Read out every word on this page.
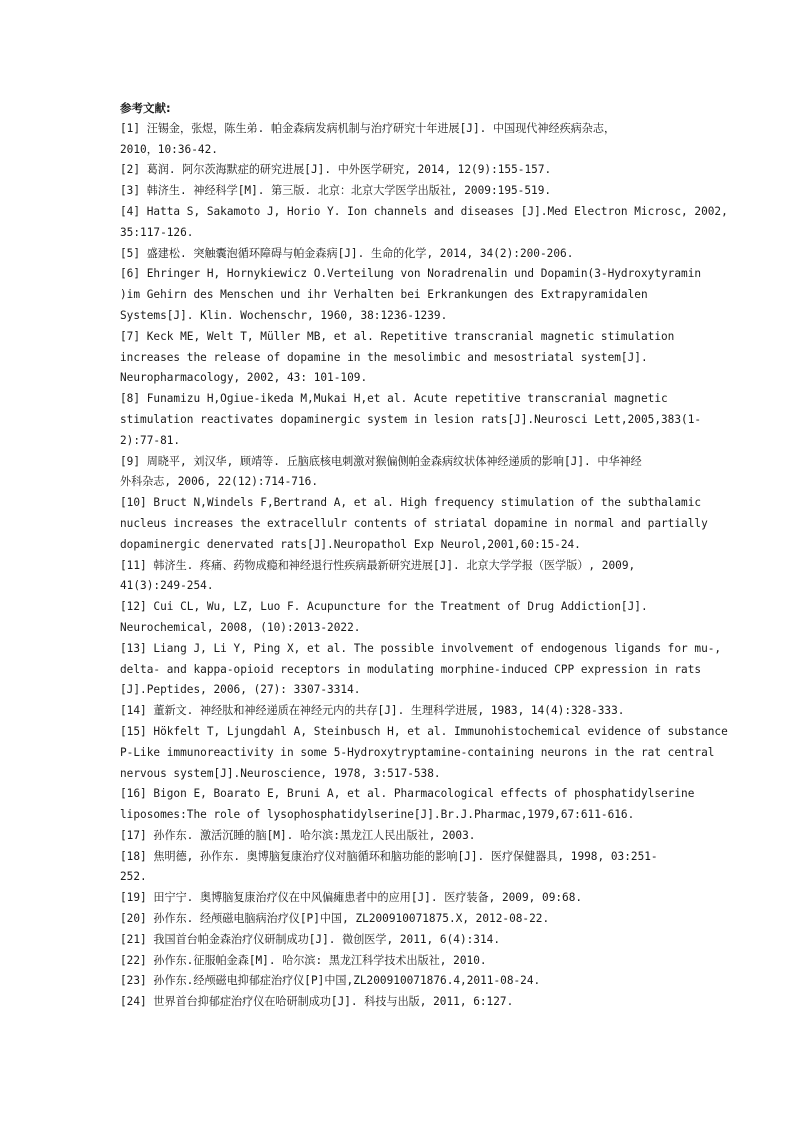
参考文献:
[1] 汪锡金，张煜，陈生弟. 帕金森病发病机制与治疗研究十年进展[J]. 中国现代神经疾病杂志，
2010，10:36-42.
[2] 葛润. 阿尔茨海默症的研究进展[J]. 中外医学研究, 2014, 12(9):155-157.
[3] 韩济生. 神经科学[M]. 第三版. 北京：北京大学医学出版社, 2009:195-519.
[4] Hatta S, Sakamoto J, Horio Y. Ion channels and diseases [J].Med Electron Microsc, 2002,
35:117-126.
[5] 盛建松. 突触囊泡循环障碍与帕金森病[J]. 生命的化学, 2014, 34(2):200-206.
[6] Ehringer H, Hornykiewicz O.Verteilung von Noradrenalin und Dopamin(3-Hydroxytyramin
)im Gehirn des Menschen und ihr Verhalten bei Erkrankungen des Extrapyramidalen
Systems[J]. Klin. Wochenschr, 1960, 38:1236-1239.
[7] Keck ME, Welt T, Müller MB, et al. Repetitive transcranial magnetic stimulation
increases the release of dopamine in the mesolimbic and mesostriatal system[J].
Neuropharmacology, 2002, 43: 101-109.
[8] Funamizu H,Ogiue-ikeda M,Mukai H,et al. Acute repetitive transcranial magnetic
stimulation reactivates dopaminergic system in lesion rats[J].Neurosci Lett,2005,383(1-
2):77-81.
[9] 周晓平, 刘汉华, 顾靖等. 丘脑底核电刺激对猴偏侧帕金森病纹状体神经递质的影响[J]. 中华神经
外科杂志, 2006, 22(12):714-716.
[10] Bruct N,Windels F,Bertrand A, et al. High frequency stimulation of the subthalamic
nucleus increases the extracellulr contents of striatal dopamine in normal and partially
dopaminergic denervated rats[J].Neuropathol Exp Neurol,2001,60:15-24.
[11] 韩济生. 疼痛、药物成瘾和神经退行性疾病最新研究进展[J]. 北京大学学报（医学版）, 2009,
41(3):249-254.
[12] Cui CL, Wu, LZ, Luo F. Acupuncture for the Treatment of Drug Addiction[J].
Neurochemical, 2008, (10):2013-2022.
[13] Liang J, Li Y, Ping X, et al. The possible involvement of endogenous ligands for mu-,
delta- and kappa-opioid receptors in modulating morphine-induced CPP expression in rats
[J].Peptides, 2006, (27): 3307-3314.
[14] 董新文. 神经肽和神经递质在神经元内的共存[J]. 生理科学进展, 1983, 14(4):328-333.
[15] Hökfelt T, Ljungdahl A, Steinbusch H, et al. Immunohistochemical evidence of substance
P-Like immunoreactivity in some 5-Hydroxytryptamine-containing neurons in the rat central
nervous system[J].Neuroscience, 1978, 3:517-538.
[16] Bigon E, Boarato E, Bruni A, et al. Pharmacological effects of phosphatidylserine
liposomes:The role of lysophosphatidylserine[J].Br.J.Pharmac,1979,67:611-616.
[17] 孙作东. 激活沉睡的脑[M]. 哈尔滨:黑龙江人民出版社, 2003.
[18] 焦明德, 孙作东. 奥博脑复康治疗仪对脑循环和脑功能的影响[J]. 医疗保健器具, 1998, 03:251-
252.
[19] 田宁宁. 奥博脑复康治疗仪在中风偏瘫患者中的应用[J]. 医疗装备, 2009, 09:68.
[20] 孙作东. 经颅磁电脑病治疗仪[P]中国, ZL200910071875.X, 2012-08-22.
[21] 我国首台帕金森治疗仪研制成功[J]. 微创医学, 2011, 6(4):314.
[22] 孙作东.征服帕金森[M]. 哈尔滨: 黑龙江科学技术出版社, 2010.
[23] 孙作东.经颅磁电抑郁症治疗仪[P]中国,ZL200910071876.4,2011-08-24.
[24] 世界首台抑郁症治疗仪在哈研制成功[J]. 科技与出版, 2011, 6:127.
